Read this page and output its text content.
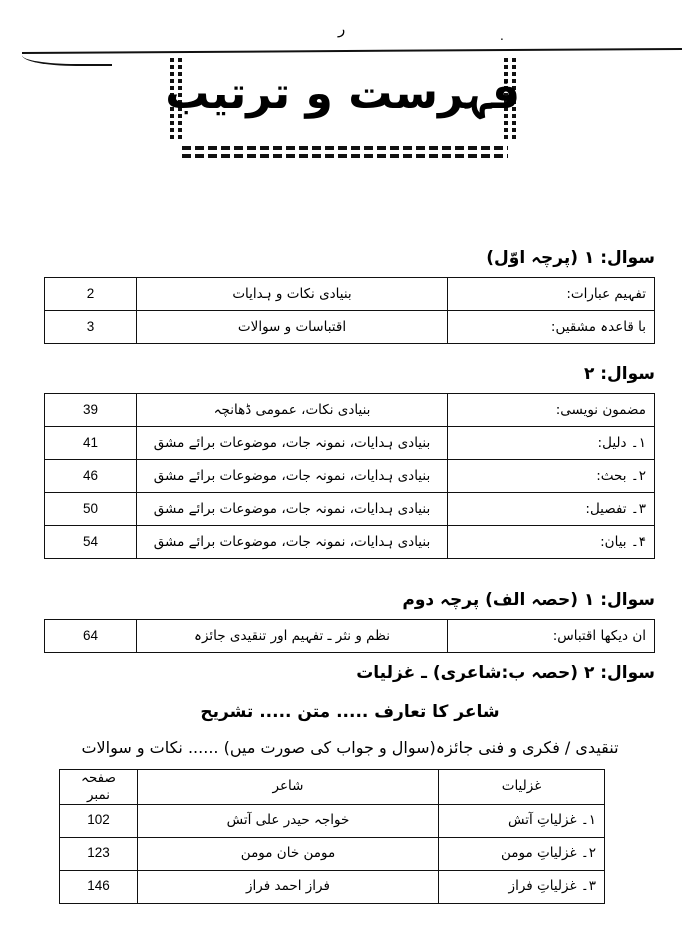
ر	.
فہرست و ترتیب
سوال: ۱ (پرچہ اوّل)
تفہیم عبارات:	بنیادی نکات و ہدایات	2
با قاعدہ مشقیں:	اقتباسات و سوالات	3
سوال: ۲
مضمون نویسی:	بنیادی نکات، عمومی ڈھانچہ	39
۱۔ دلیل:	بنیادی ہدایات، نمونہ جات، موضوعات برائے مشق	41
۲۔ بحث:	بنیادی ہدایات، نمونہ جات، موضوعات برائے مشق	46
۳۔ تفصیل:	بنیادی ہدایات، نمونہ جات، موضوعات برائے مشق	50
۴۔ بیان:	بنیادی ہدایات، نمونہ جات، موضوعات برائے مشق	54
سوال: ۱ (حصہ الف) پرچہ دوم
ان دیکھا اقتباس:	نظم و نثر ـ تفہیم اور تنقیدی جائزہ	64
سوال: ۲ (حصہ ب:شاعری) ـ غزلیات
شاعر کا تعارف ..... متن ..... تشریح
تنقیدی / فکری و فنی جائزہ(سوال و جواب کی صورت میں) ...... نکات و سوالات
غزلیات	شاعر	صفحہ نمبر
۱۔ غزلیاتِ آتش	خواجہ حیدر علی آتش	102
۲۔ غزلیاتِ مومن	مومن خان مومن	123
۳۔ غزلیاتِ فراز	فراز احمد فراز	146
